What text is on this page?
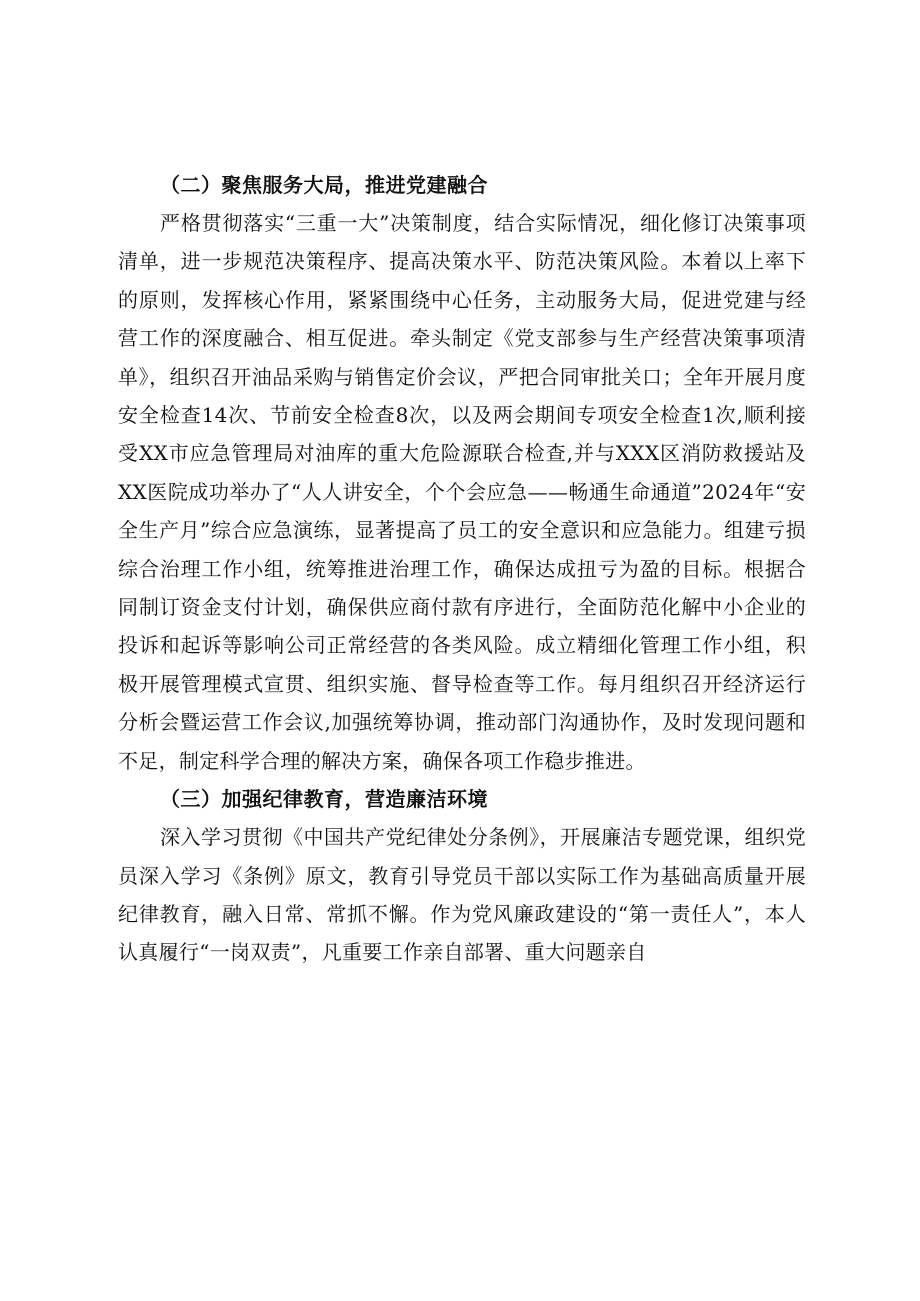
（二）聚焦服务大局，推进党建融合

严格贯彻落实“三重一大”决策制度，结合实际情况，细化修订决策事项清单，进一步规范决策程序、提高决策水平、防范决策风险。本着以上率下的原则，发挥核心作用，紧紧围绕中心任务，主动服务大局，促进党建与经营工作的深度融合、相互促进。牵头制定《党支部参与生产经营决策事项清单》，组织召开油品采购与销售定价会议，严把合同审批关口；全年开展月度安全检查14次、节前安全检查8次，以及两会期间专项安全检查1次,顺利接受XX市应急管理局对油库的重大危险源联合检查,并与XXX区消防救援站及XX医院成功举办了“人人讲安全，个个会应急——畅通生命通道”2024年“安全生产月”综合应急演练，显著提高了员工的安全意识和应急能力。组建亏损综合治理工作小组，统筹推进治理工作，确保达成扭亏为盈的目标。根据合同制订资金支付计划，确保供应商付款有序进行，全面防范化解中小企业的投诉和起诉等影响公司正常经营的各类风险。成立精细化管理工作小组，积极开展管理模式宣贯、组织实施、督导检查等工作。每月组织召开经济运行分析会暨运营工作会议,加强统筹协调，推动部门沟通协作，及时发现问题和不足，制定科学合理的解决方案，确保各项工作稳步推进。

（三）加强纪律教育，营造廉洁环境

深入学习贯彻《中国共产党纪律处分条例》，开展廉洁专题党课，组织党员深入学习《条例》原文，教育引导党员干部以实际工作为基础高质量开展纪律教育，融入日常、常抓不懈。作为党风廉政建设的“第一责任人”，本人认真履行“一岗双责”，凡重要工作亲自部署、重大问题亲自
